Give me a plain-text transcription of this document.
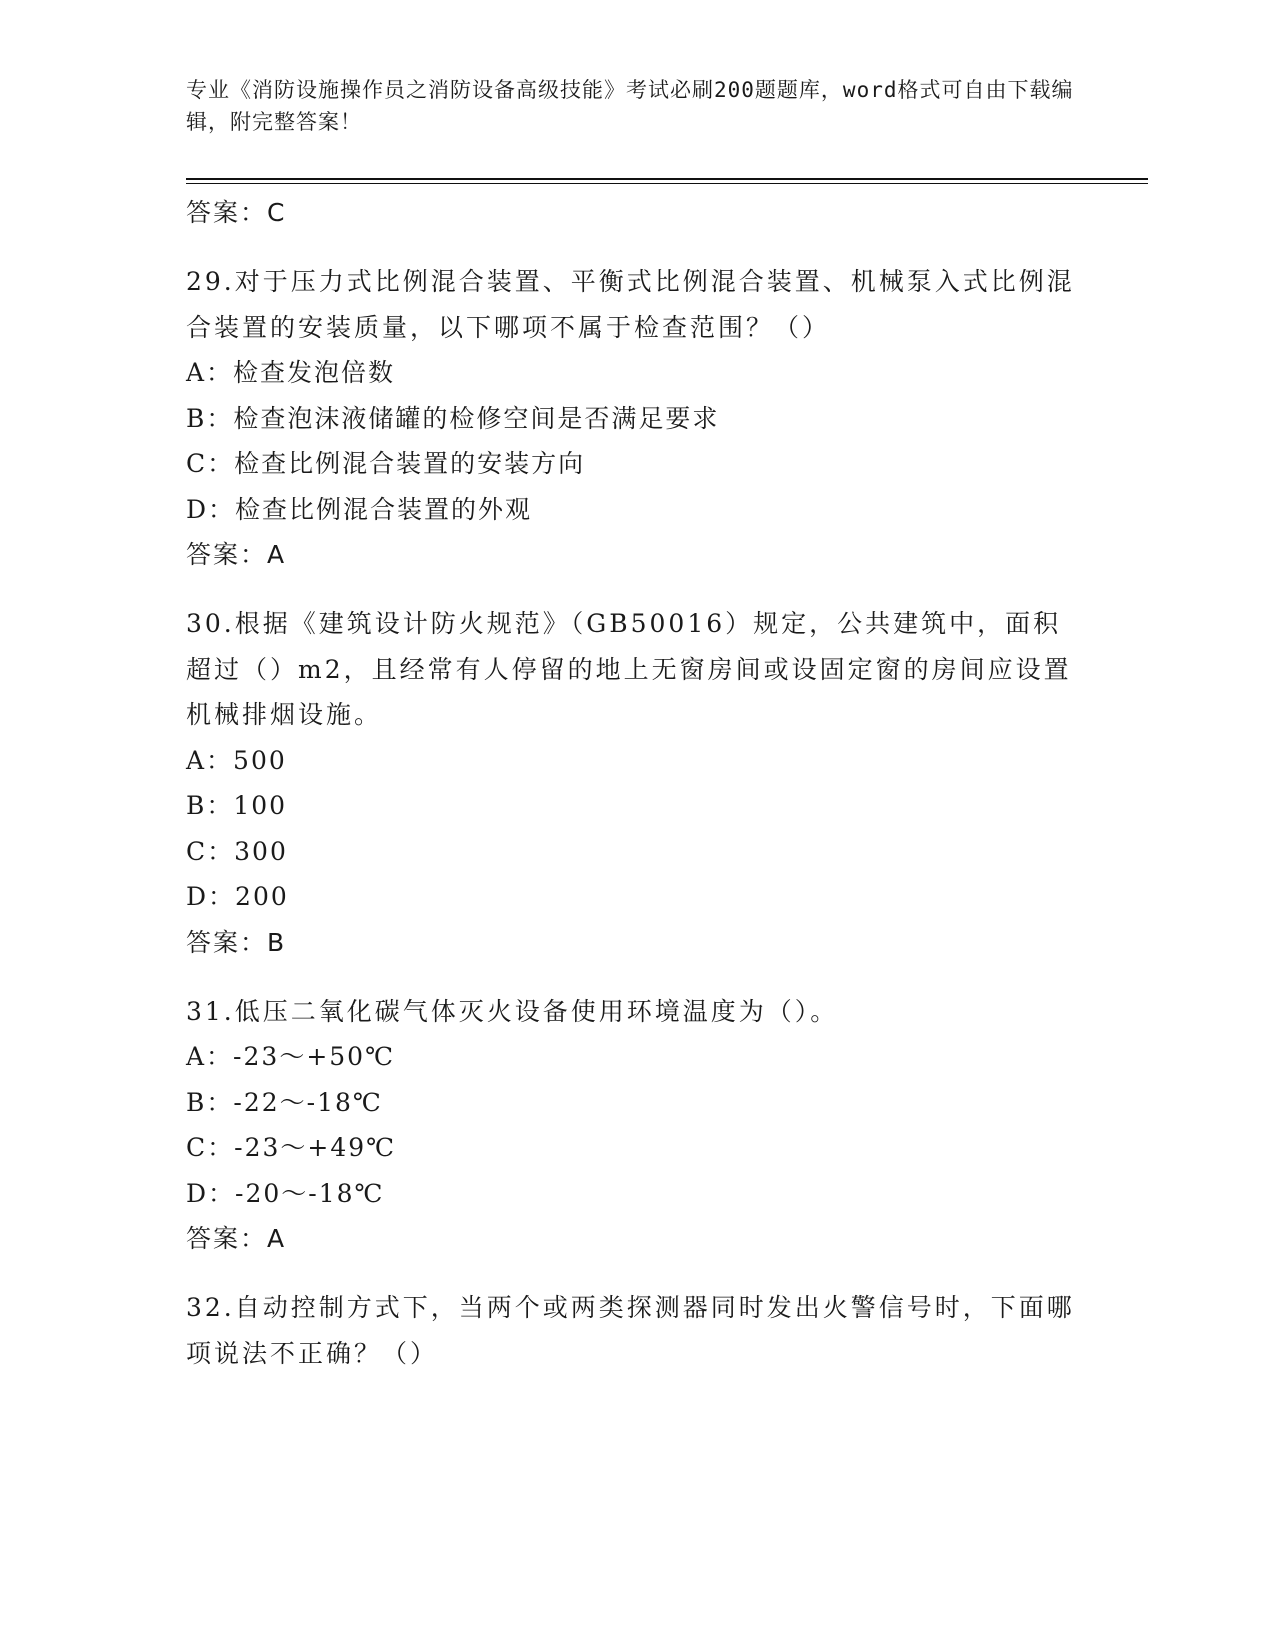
专业《消防设施操作员之消防设备高级技能》考试必刷200题题库，word格式可自由下载编辑，附完整答案！
答案：C
29.对于压力式比例混合装置、平衡式比例混合装置、机械泵入式比例混合装置的安装质量，以下哪项不属于检查范围？（）
A：检查发泡倍数
B：检查泡沫液储罐的检修空间是否满足要求
C：检查比例混合装置的安装方向
D：检查比例混合装置的外观
答案：A
30.根据《建筑设计防火规范》（GB50016）规定，公共建筑中，面积超过（）m2，且经常有人停留的地上无窗房间或设固定窗的房间应设置机械排烟设施。
A：500
B：100
C：300
D：200
答案：B
31.低压二氧化碳气体灭火设备使用环境温度为（）。
A：-23～+50℃
B：-22～-18℃
C：-23～+49℃
D：-20～-18℃
答案：A
32.自动控制方式下，当两个或两类探测器同时发出火警信号时，下面哪项说法不正确？（）
